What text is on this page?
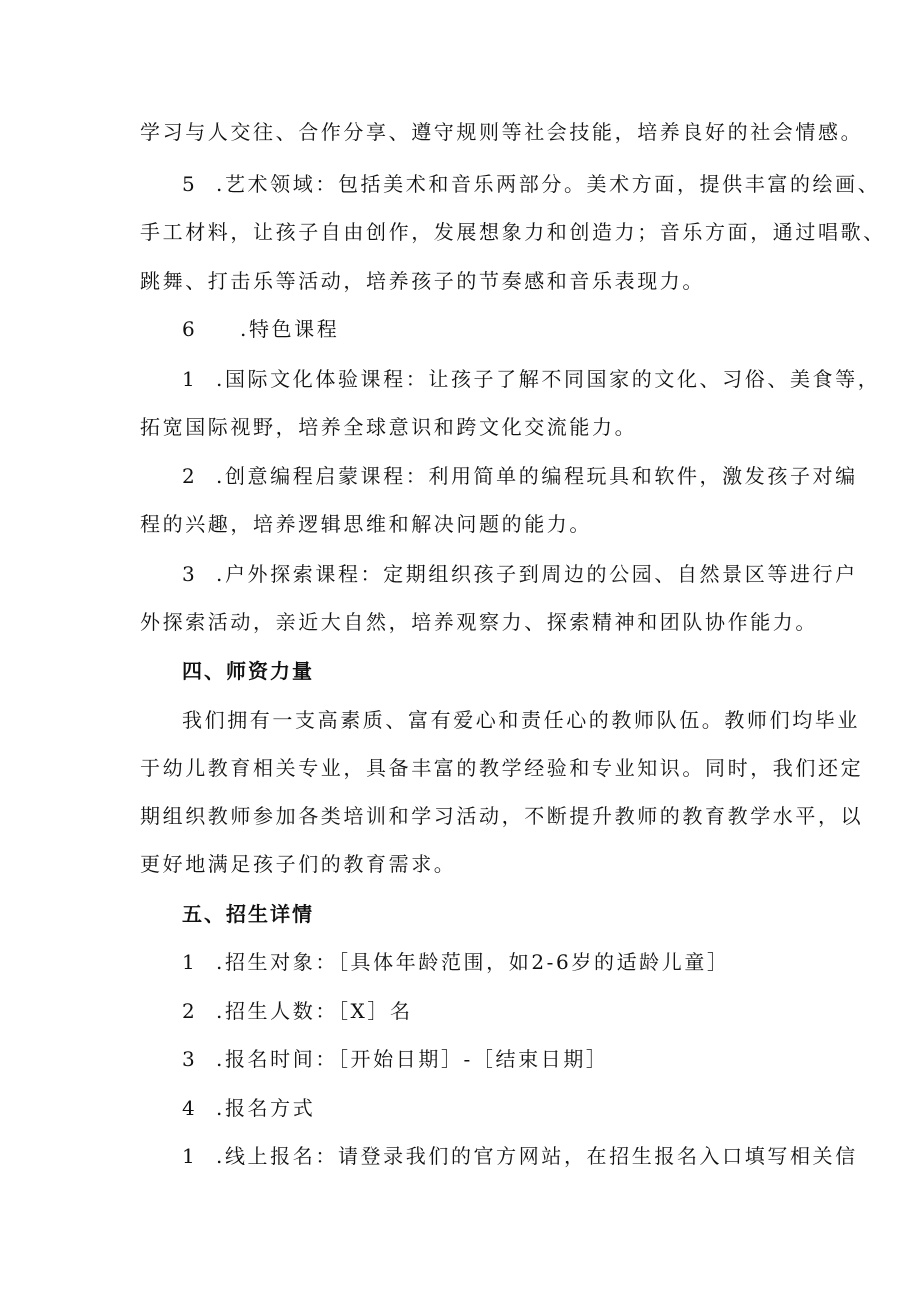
学习与人交往、合作分享、遵守规则等社会技能，培养良好的社会情感。
5 .艺术领域：包括美术和音乐两部分。美术方面，提供丰富的绘画、
手工材料，让孩子自由创作，发展想象力和创造力；音乐方面，通过唱歌、
跳舞、打击乐等活动，培养孩子的节奏感和音乐表现力。
6 .特色课程
1 .国际文化体验课程：让孩子了解不同国家的文化、习俗、美食等，
拓宽国际视野，培养全球意识和跨文化交流能力。
2 .创意编程启蒙课程：利用简单的编程玩具和软件，激发孩子对编
程的兴趣，培养逻辑思维和解决问题的能力。
3 .户外探索课程：定期组织孩子到周边的公园、自然景区等进行户
外探索活动，亲近大自然，培养观察力、探索精神和团队协作能力。
四、师资力量
我们拥有一支高素质、富有爱心和责任心的教师队伍。教师们均毕业
于幼儿教育相关专业，具备丰富的教学经验和专业知识。同时，我们还定
期组织教师参加各类培训和学习活动，不断提升教师的教育教学水平，以
更好地满足孩子们的教育需求。
五、招生详情
1 .招生对象：［具体年龄范围，如2-6岁的适龄儿童］
2 .招生人数：［X］名
3 .报名时间：［开始日期］-［结束日期］
4 .报名方式
1 .线上报名：请登录我们的官方网站，在招生报名入口填写相关信
